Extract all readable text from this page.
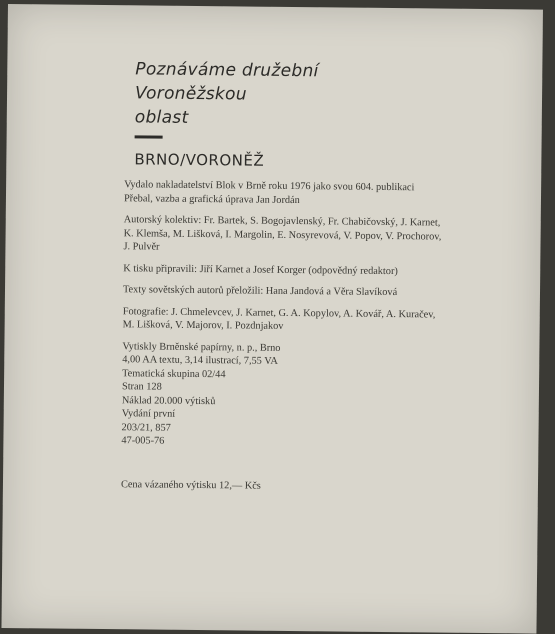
Poznáváme družební
Voroněžskou
oblast
BRNO/VORONĚŽ
Vydalo nakladatelství Blok v Brně roku 1976 jako svou 604. publikaci
Přebal, vazba a grafická úprava Jan Jordán
Autorský kolektiv: Fr. Bartek, S. Bogojavlenský, Fr. Chabičovský, J. Karnet,
K. Klemša, M. Lišková, I. Margolin, E. Nosyrevová, V. Popov, V. Prochorov,
J. Pulvěr
K tisku připravili: Jiří Karnet a Josef Korger (odpovědný redaktor)
Texty sovětských autorů přeložili: Hana Jandová a Věra Slavíková
Fotografie: J. Chmelevcev, J. Karnet, G. A. Kopylov, A. Kovář, A. Kuračev,
M. Lišková, V. Majorov, I. Pozdnjakov
Vytiskly Brněnské papírny, n. p., Brno
4,00 AA textu, 3,14 ilustrací, 7,55 VA
Tematická skupina 02/44
Stran 128
Náklad 20.000 výtisků
Vydání první
203/21, 857
47-005-76
Cena vázaného výtisku 12,— Kčs
